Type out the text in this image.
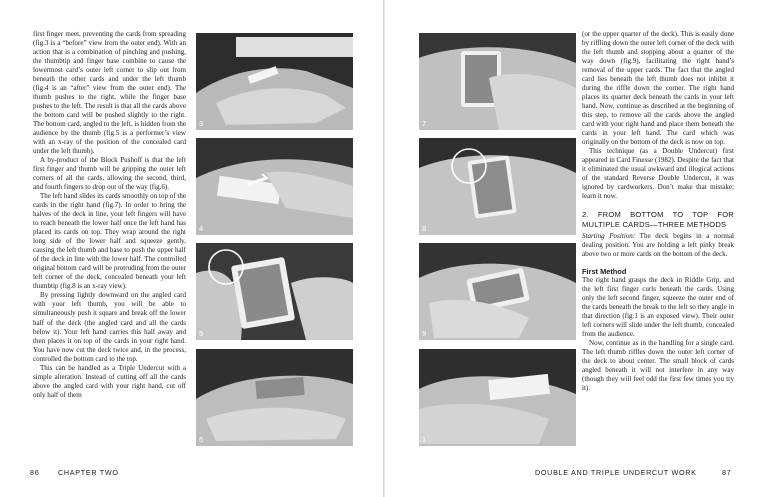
first finger meet, preventing the cards from spreading (fig.3 is a “before” view from the outer end). With an action that is a combination of pinching and pushing, the thumbtip and finger base combine to cause the lowermost card’s outer left corner to slip out from beneath the other cards and under the left thumb (fig.4 is an “after” view from the outer end). The thumb pushes to the right, while the finger base pushes to the left. The result is that all the cards above the bottom card will be pushed slightly to the right. The bottom card, angled to the left, is hidden from the audience by the thumb (fig.5 is a performer’s view with an x-ray of the position of the concealed card under the left thumb).

A by-product of the Block Pushoff is that the left first finger and thumb will be gripping the outer left corners of all the cards, allowing the second, third, and fourth fingers to drop out of the way (fig.6).

The left hand slides its cards smoothly on top of the cards in the right hand (fig.7). In order to bring the halves of the deck in line, your left fingers will have to reach beneath the lower half once the left hand has placed its cards on top. They wrap around the right long side of the lower half and squeeze gently, causing the left thumb and base to push the upper half of the deck in line with the lower half. The controlled original bottom card will be protruding from the outer left corner of the deck, concealed beneath your left thumbtip (fig.8 is an x-ray view).

By pressing lightly downward on the angled card with your left thumb, you will be able to simultaneously push it square and break off the lower half of the deck (the angled card and all the cards below it). Your left hand carries this half away and then places it on top of the cards in your right hand. You have now cut the deck twice and, in the process, controlled the bottom card to the top.

This can be handled as a Triple Undercut with a simple alteration. Instead of cutting off all the cards above the angled card with your right hand, cut off only half of them

3
4
5
6
86	CHAPTER TWO
7
8
9
1

(or the upper quarter of the deck). This is easily done by riffling down the outer left corner of the deck with the left thumb and stopping about a quarter of the way down (fig.9), facilitating the right hand’s removal of the upper cards. The fact that the angled card lies beneath the left thumb does not inhibit it during the riffle down the corner. The right hand places its quarter deck beneath the cards in your left hand. Now, continue as described at the beginning of this step, to remove all the cards above the angled card with your right hand and place them beneath the cards in your left hand. The card which was originally on the bottom of the deck is now on top.

This technique (as a Double Undercut) first appeared in Card Finesse (1982). Despite the fact that it eliminated the usual awkward and illogical actions of the standard Reverse Double Undercut, it was ignored by cardworkers. Don’t make that mistake; learn it now.

2. FROM BOTTOM TO TOP FOR MULTIPLE CARDS—THREE METHODS

Starting Position: The deck begins in a normal dealing position. You are holding a left pinky break above two or more cards on the bottom of the deck.

First Method

The right hand grasps the deck in Riddle Grip, and the left first finger curls beneath the cards. Using only the left second finger, squeeze the outer end of the cards beneath the break to the left so they angle in that direction (fig.1 is an exposed view). Their outer left corners will slide under the left thumb, concealed from the audience.

Now, continue as in the handling for a single card. The left thumb riffles down the outer left corner of the deck to about center. The small block of cards angled beneath it will not interfere in any way (though they will feel odd the first few times you try it).

DOUBLE AND TRIPLE UNDERCUT WORK	87
